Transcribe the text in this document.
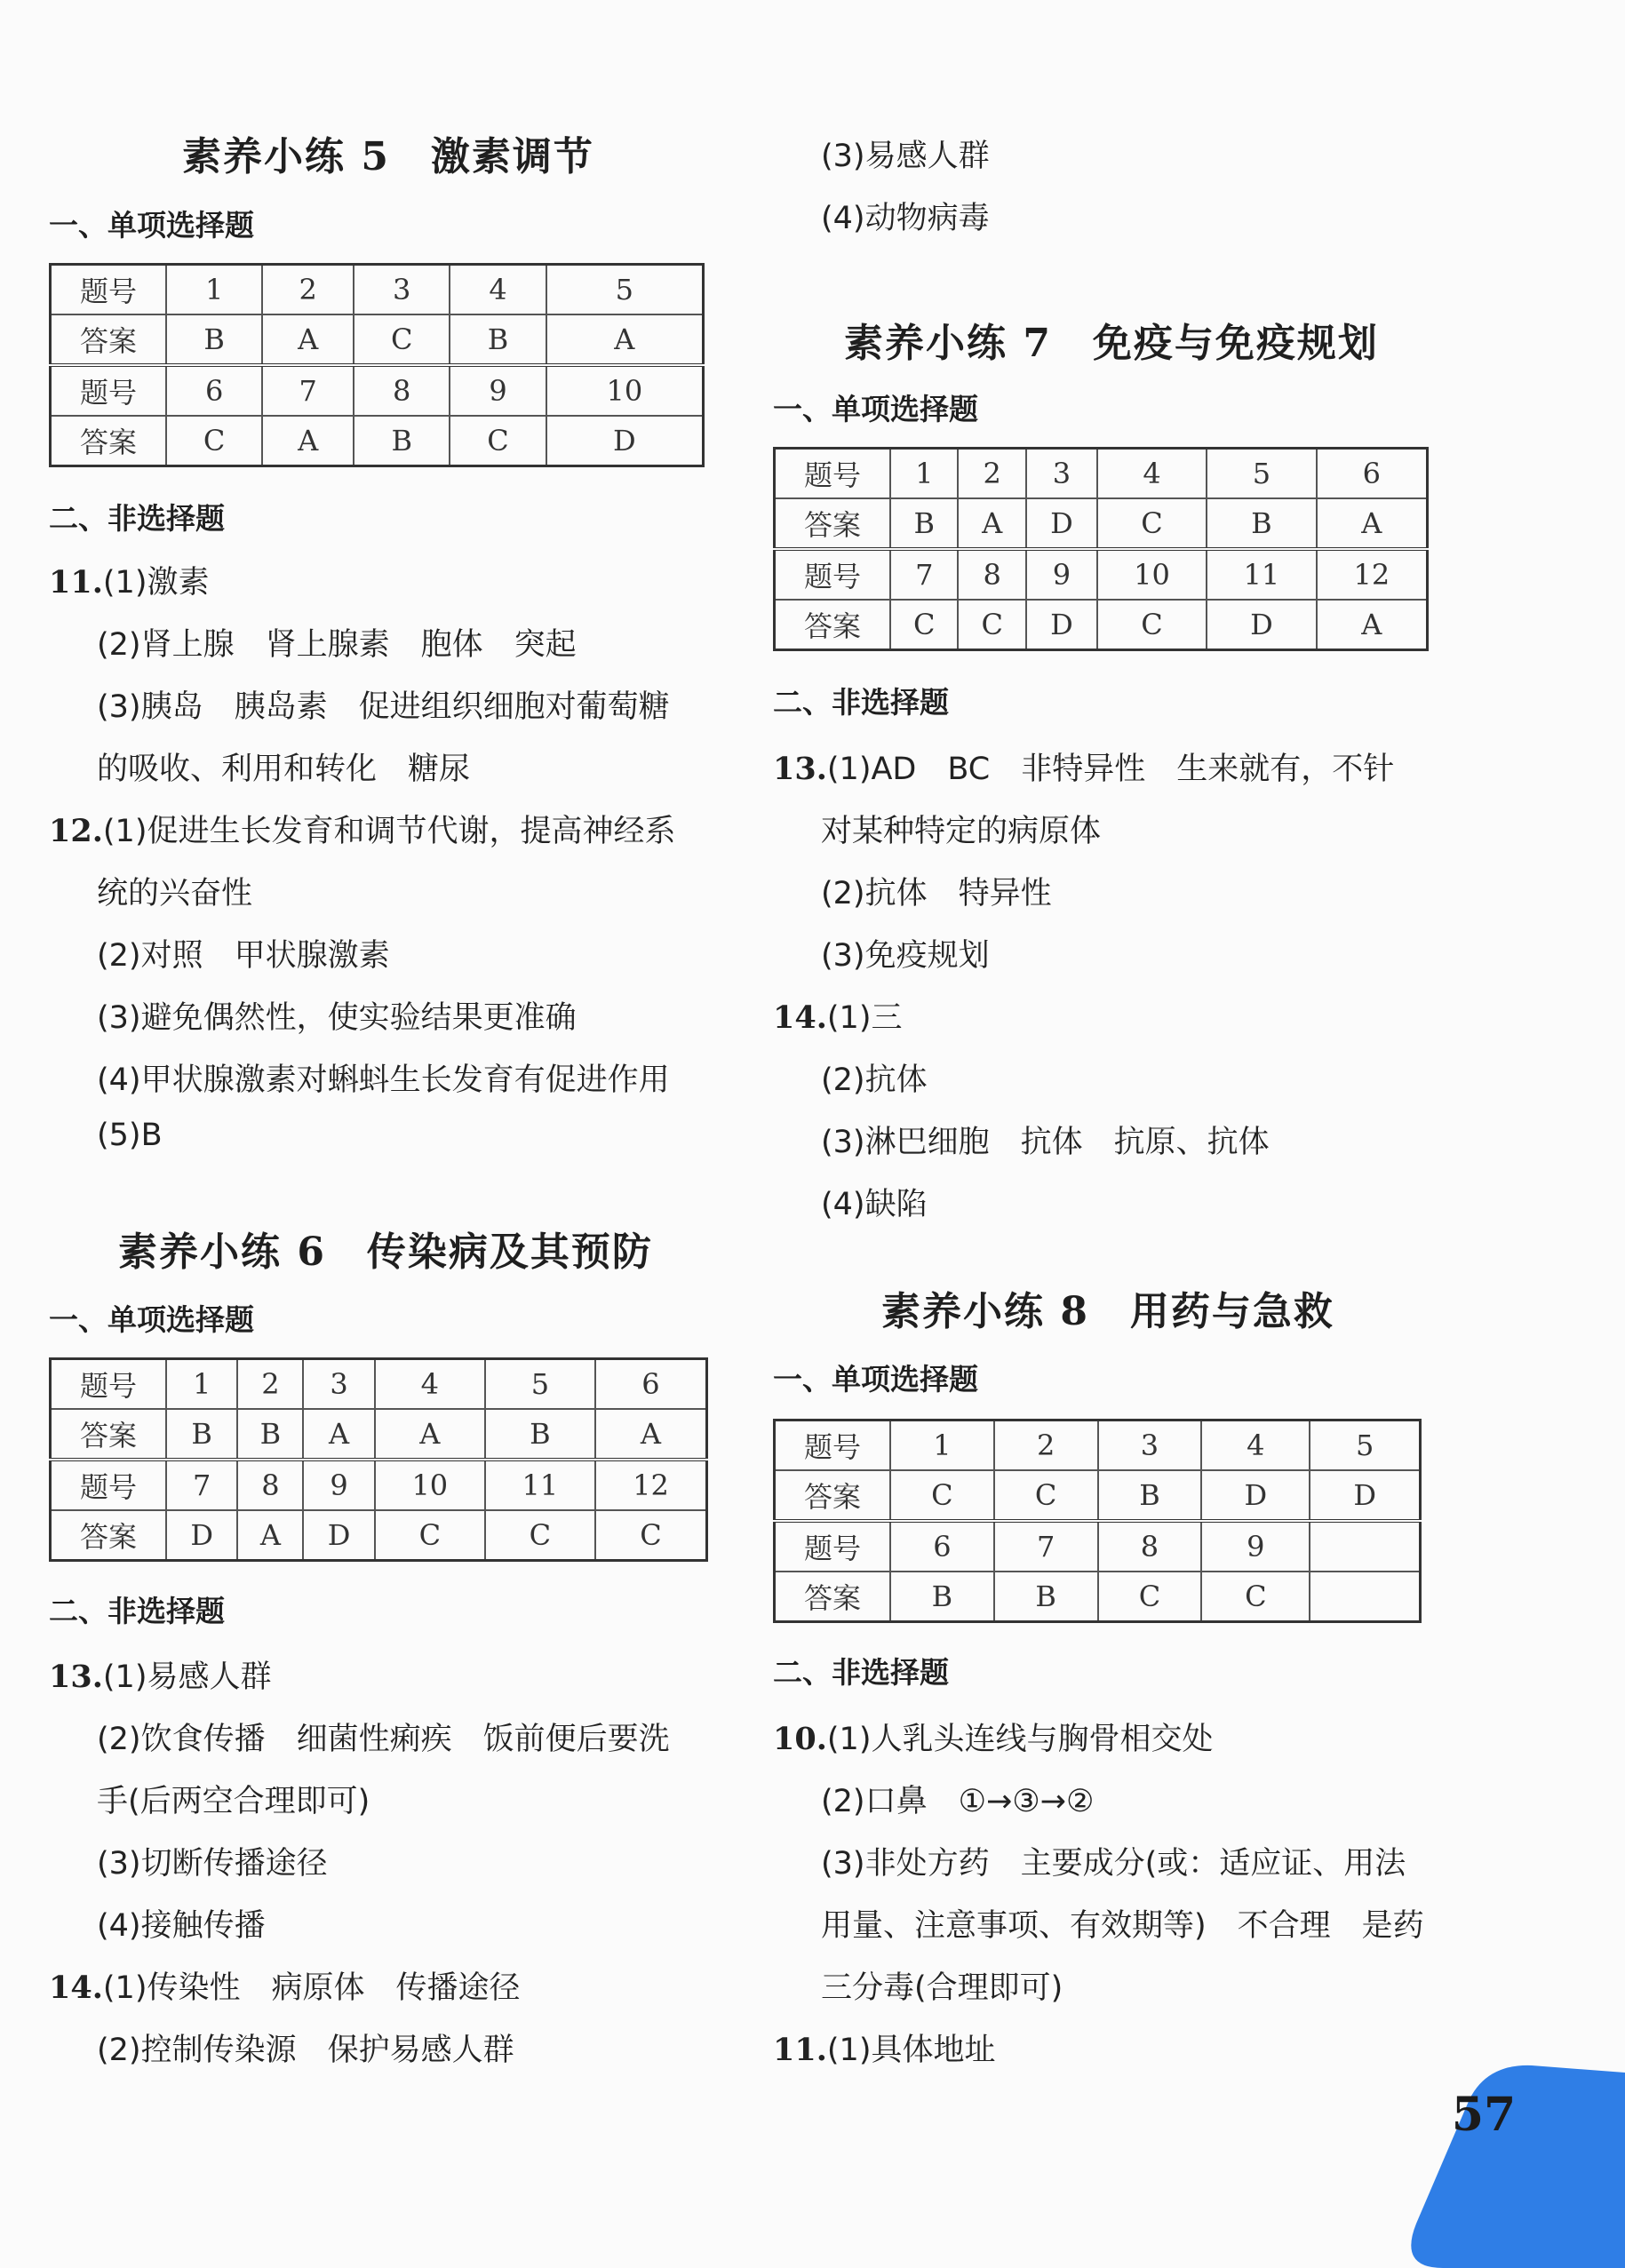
素养小练 5　激素调节
一、单项选择题
题号	1	2	3	4	5
答案	B	A	C	B	A
题号	6	7	8	9	10
答案	C	A	B	C	D
二、非选择题
11.(1)激素
(2)肾上腺　肾上腺素　胞体　突起
(3)胰岛　胰岛素　促进组织细胞对葡萄糖
的吸收、利用和转化　糖尿
12.(1)促进生长发育和调节代谢，提高神经系
统的兴奋性
(2)对照　甲状腺激素
(3)避免偶然性，使实验结果更准确
(4)甲状腺激素对蝌蚪生长发育有促进作用
(5)B
素养小练 6　传染病及其预防
一、单项选择题
题号	1	2	3	4	5	6
答案	B	B	A	A	B	A
题号	7	8	9	10	11	12
答案	D	A	D	C	C	C
二、非选择题
13.(1)易感人群
(2)饮食传播　细菌性痢疾　饭前便后要洗
手(后两空合理即可)
(3)切断传播途径
(4)接触传播
14.(1)传染性　病原体　传播途径
(2)控制传染源　保护易感人群
(3)易感人群
(4)动物病毒
素养小练 7　免疫与免疫规划
一、单项选择题
题号	1	2	3	4	5	6
答案	B	A	D	C	B	A
题号	7	8	9	10	11	12
答案	C	C	D	C	D	A
二、非选择题
13.(1)AD　BC　非特异性　生来就有，不针
对某种特定的病原体
(2)抗体　特异性
(3)免疫规划
14.(1)三
(2)抗体
(3)淋巴细胞　抗体　抗原、抗体
(4)缺陷
素养小练 8　用药与急救
一、单项选择题
题号	1	2	3	4	5
答案	C	C	B	D	D
题号	6	7	8	9	
答案	B	B	C	C	
二、非选择题
10.(1)人乳头连线与胸骨相交处
(2)口鼻　①→③→②
(3)非处方药　主要成分(或：适应证、用法
用量、注意事项、有效期等)　不合理　是药
三分毒(合理即可)
11.(1)具体地址
57
